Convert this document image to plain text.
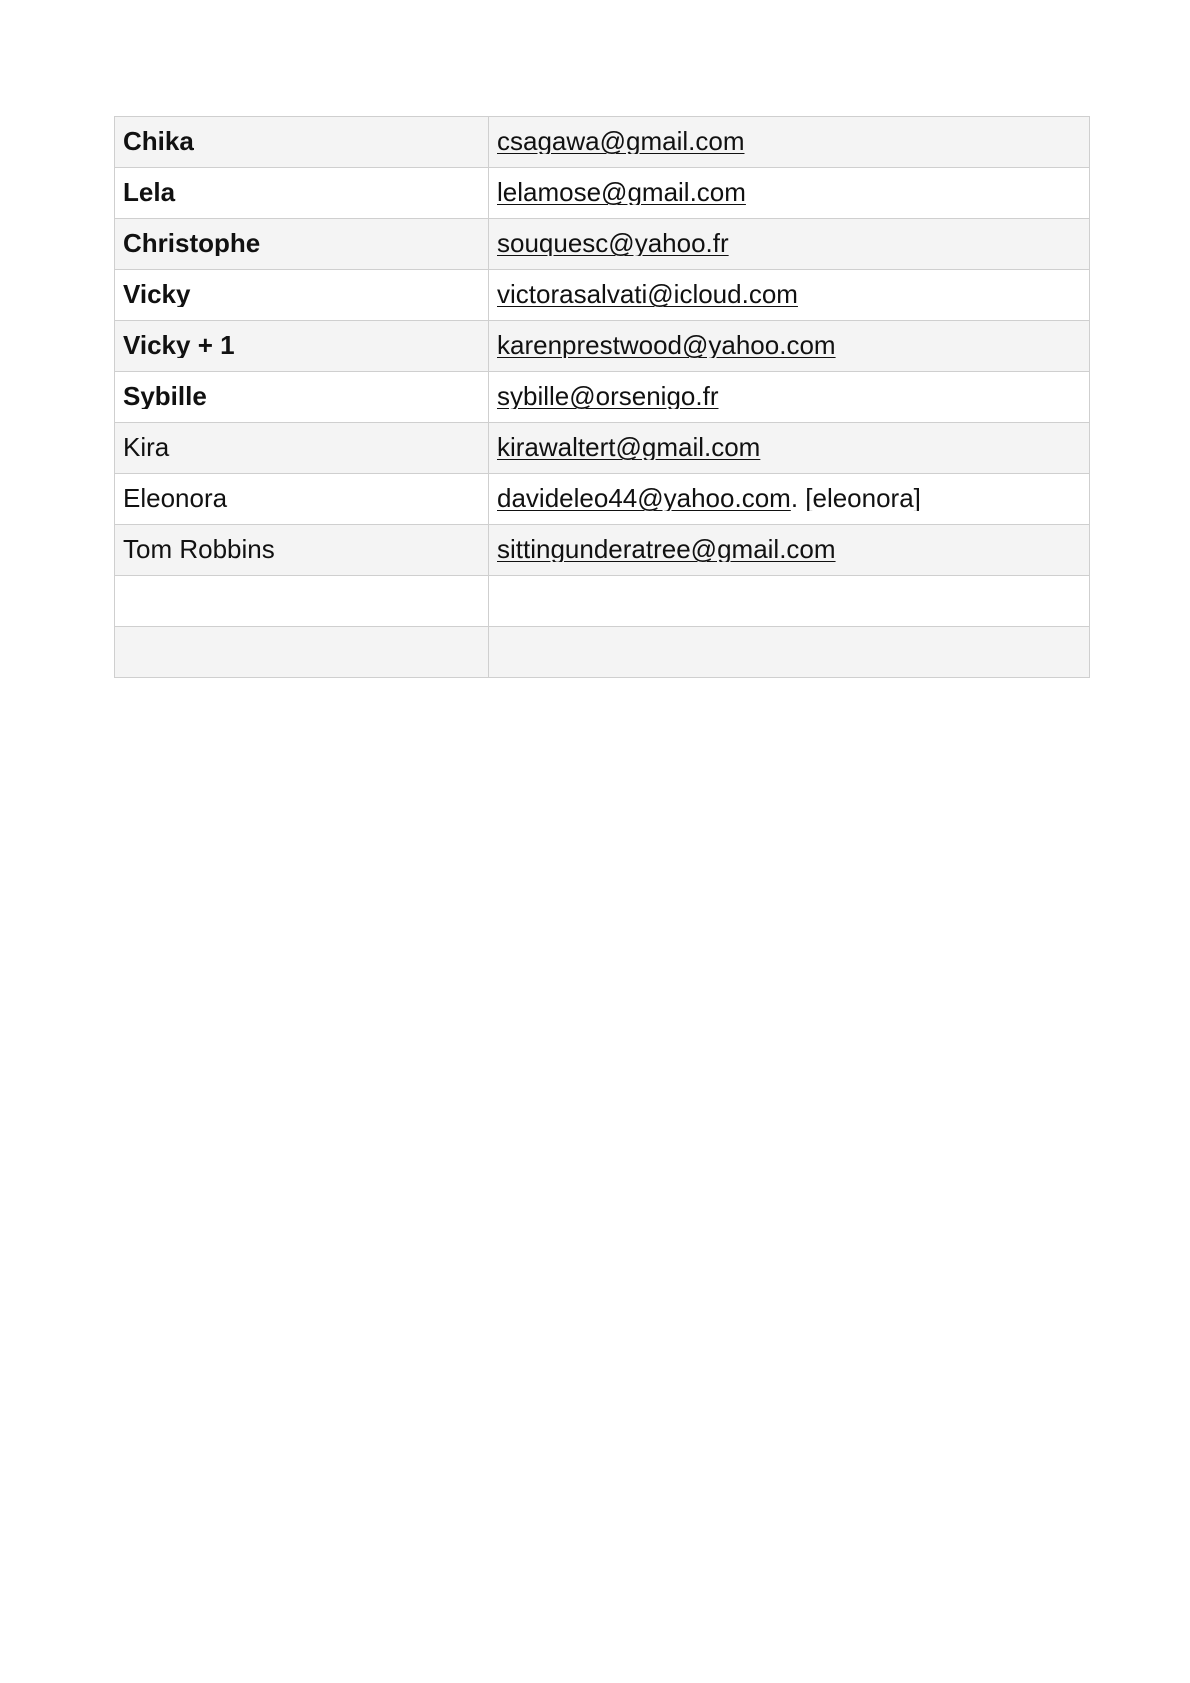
Chika	csagawa@gmail.com

Lela	lelamose@gmail.com

Christophe	souquesc@yahoo.fr

Vicky	victorasalvati@icloud.com

Vicky + 1	karenprestwood@yahoo.com

Sybille	sybille@orsenigo.fr

Kira	kirawaltert@gmail.com

Eleonora	davideleo44@yahoo.com. [eleonora]

Tom Robbins	sittingunderatree@gmail.com
